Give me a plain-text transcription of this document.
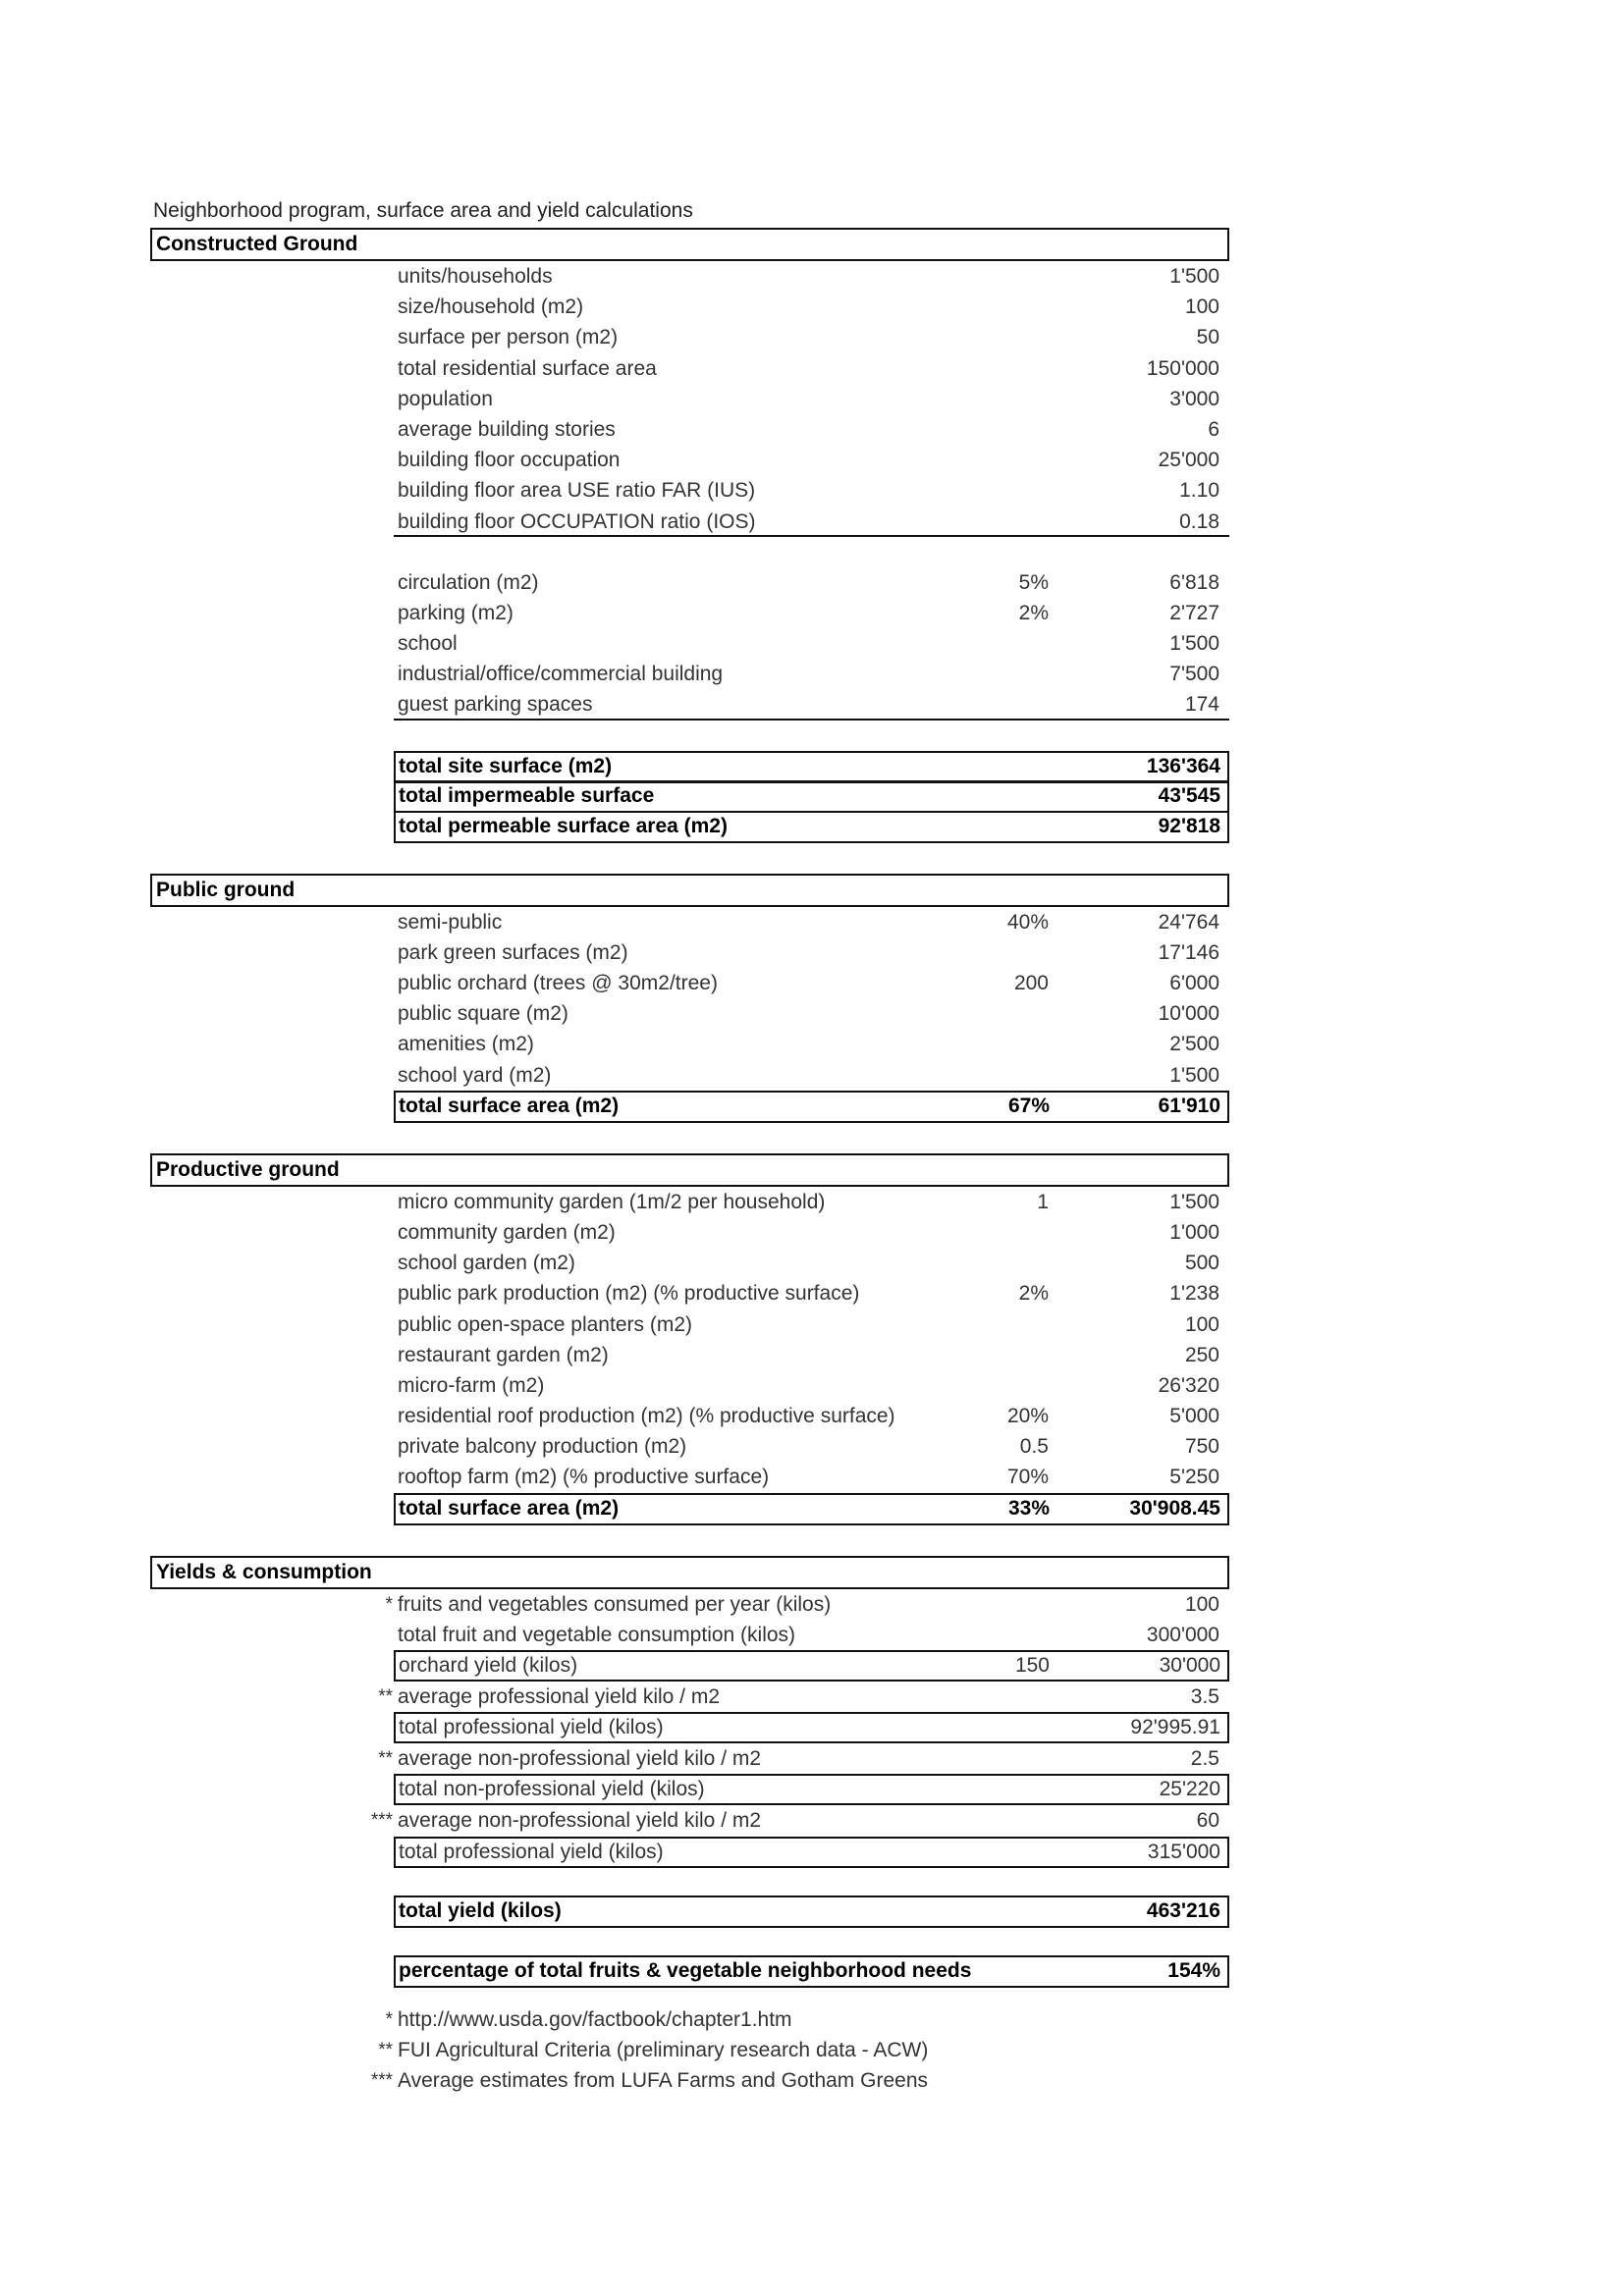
Neighborhood program, surface area and yield calculations
Constructed Ground
units/households	1'500
size/household (m2)	100
surface per person (m2)	50
total residential surface area	150'000
population	3'000
average building stories	6
building floor occupation	25'000
building floor area USE ratio FAR (IUS)	1.10
building floor OCCUPATION ratio (IOS)	0.18
circulation (m2)	5%	6'818
parking (m2)	2%	2'727
school	1'500
industrial/office/commercial building	7'500
guest parking spaces	174
total site surface (m2)	136'364
total impermeable surface	43'545
total permeable surface area (m2)	92'818
Public ground
semi-public	40%	24'764
park green surfaces (m2)	17'146
public orchard (trees @ 30m2/tree)	200	6'000
public square (m2)	10'000
amenities (m2)	2'500
school yard (m2)	1'500
total surface area (m2)	67%	61'910
Productive ground
micro community garden (1m/2 per household)	1	1'500
community garden (m2)	1'000
school garden (m2)	500
public park production (m2) (% productive surface)	2%	1'238
public open-space planters (m2)	100
restaurant garden (m2)	250
micro-farm (m2)	26'320
residential roof production (m2) (% productive surface)	20%	5'000
private balcony production (m2)	0.5	750
rooftop farm (m2) (% productive surface)	70%	5'250
total surface area (m2)	33%	30'908.45
Yields & consumption
* fruits and vegetables consumed per year (kilos)	100
total fruit and vegetable consumption (kilos)	300'000
orchard yield (kilos)	150	30'000
** average professional yield kilo / m2	3.5
total professional yield (kilos)	92'995.91
** average non-professional yield kilo / m2	2.5
total non-professional yield (kilos)	25'220
*** average non-professional yield kilo / m2	60
total professional yield (kilos)	315'000
total yield (kilos)	463'216
percentage of total fruits & vegetable neighborhood needs	154%
* http://www.usda.gov/factbook/chapter1.htm
** FUI Agricultural Criteria (preliminary research data - ACW)
*** Average estimates from LUFA Farms and Gotham Greens
